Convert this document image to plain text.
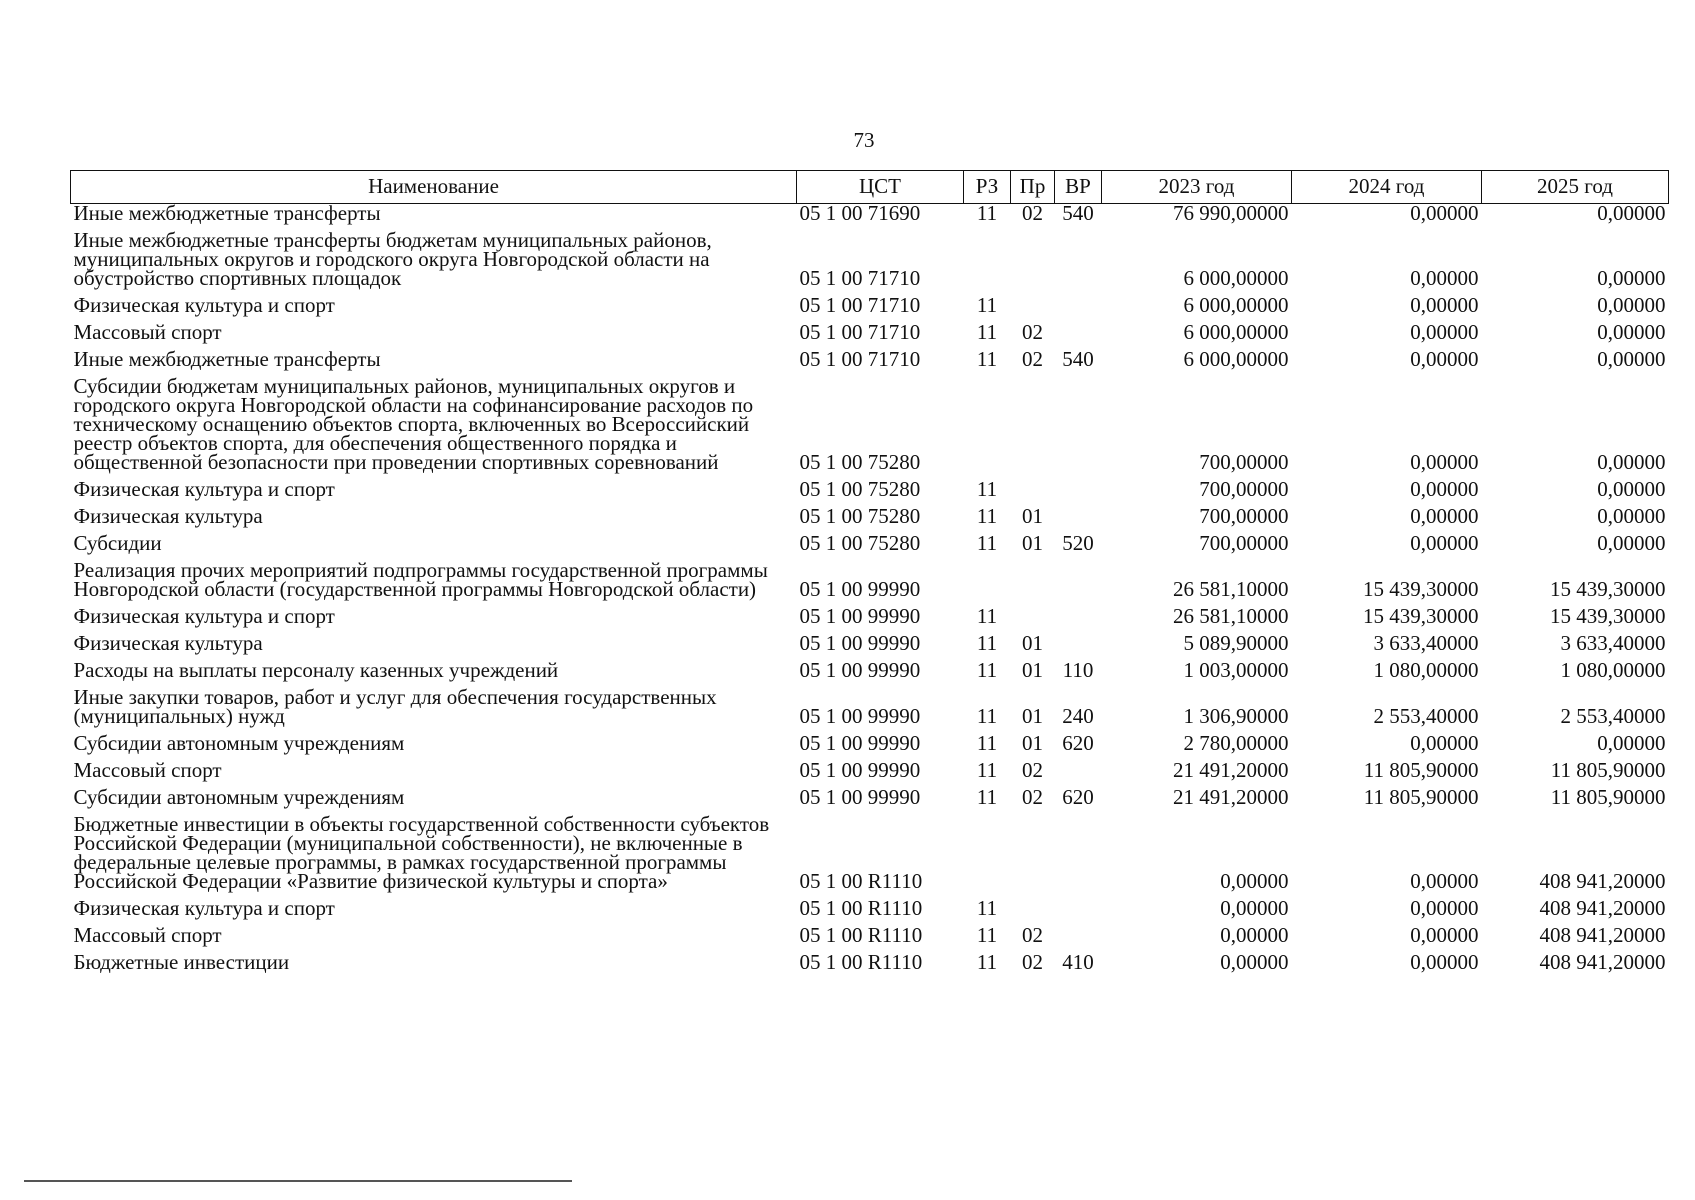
73
Наименование	ЦСТ	РЗ	Пр	ВР	2023 год	2024 год	2025 год
Иные межбюджетные трансферты	05 1 00 71690	11	02	540	76 990,00000	0,00000	0,00000
Иные межбюджетные трансферты бюджетам муниципальных районов, муниципальных округов и городского округа Новгородской области на обустройство спортивных площадок	05 1 00 71710				6 000,00000	0,00000	0,00000
Физическая культура и спорт	05 1 00 71710	11			6 000,00000	0,00000	0,00000
Массовый спорт	05 1 00 71710	11	02		6 000,00000	0,00000	0,00000
Иные межбюджетные трансферты	05 1 00 71710	11	02	540	6 000,00000	0,00000	0,00000
Субсидии бюджетам муниципальных районов, муниципальных округов и городского округа Новгородской области на софинансирование расходов по техническому оснащению объектов спорта, включенных во Всероссийский реестр объектов спорта, для обеспечения общественного порядка и общественной безопасности при проведении спортивных соревнований	05 1 00 75280				700,00000	0,00000	0,00000
Физическая культура и спорт	05 1 00 75280	11			700,00000	0,00000	0,00000
Физическая культура	05 1 00 75280	11	01		700,00000	0,00000	0,00000
Субсидии	05 1 00 75280	11	01	520	700,00000	0,00000	0,00000
Реализация прочих мероприятий подпрограммы государственной программы Новгородской области (государственной программы Новгородской области)	05 1 00 99990				26 581,10000	15 439,30000	15 439,30000
Физическая культура и спорт	05 1 00 99990	11			26 581,10000	15 439,30000	15 439,30000
Физическая культура	05 1 00 99990	11	01		5 089,90000	3 633,40000	3 633,40000
Расходы на выплаты персоналу казенных учреждений	05 1 00 99990	11	01	110	1 003,00000	1 080,00000	1 080,00000
Иные закупки товаров, работ и услуг для обеспечения государственных (муниципальных) нужд	05 1 00 99990	11	01	240	1 306,90000	2 553,40000	2 553,40000
Субсидии автономным учреждениям	05 1 00 99990	11	01	620	2 780,00000	0,00000	0,00000
Массовый спорт	05 1 00 99990	11	02		21 491,20000	11 805,90000	11 805,90000
Субсидии автономным учреждениям	05 1 00 99990	11	02	620	21 491,20000	11 805,90000	11 805,90000
Бюджетные инвестиции в объекты государственной собственности субъектов Российской Федерации (муниципальной собственности), не включенные в федеральные целевые программы, в рамках государственной программы Российской Федерации «Развитие физической культуры и спорта»	05 1 00 R1110				0,00000	0,00000	408 941,20000
Физическая культура и спорт	05 1 00 R1110	11			0,00000	0,00000	408 941,20000
Массовый спорт	05 1 00 R1110	11	02		0,00000	0,00000	408 941,20000
Бюджетные инвестиции	05 1 00 R1110	11	02	410	0,00000	0,00000	408 941,20000
